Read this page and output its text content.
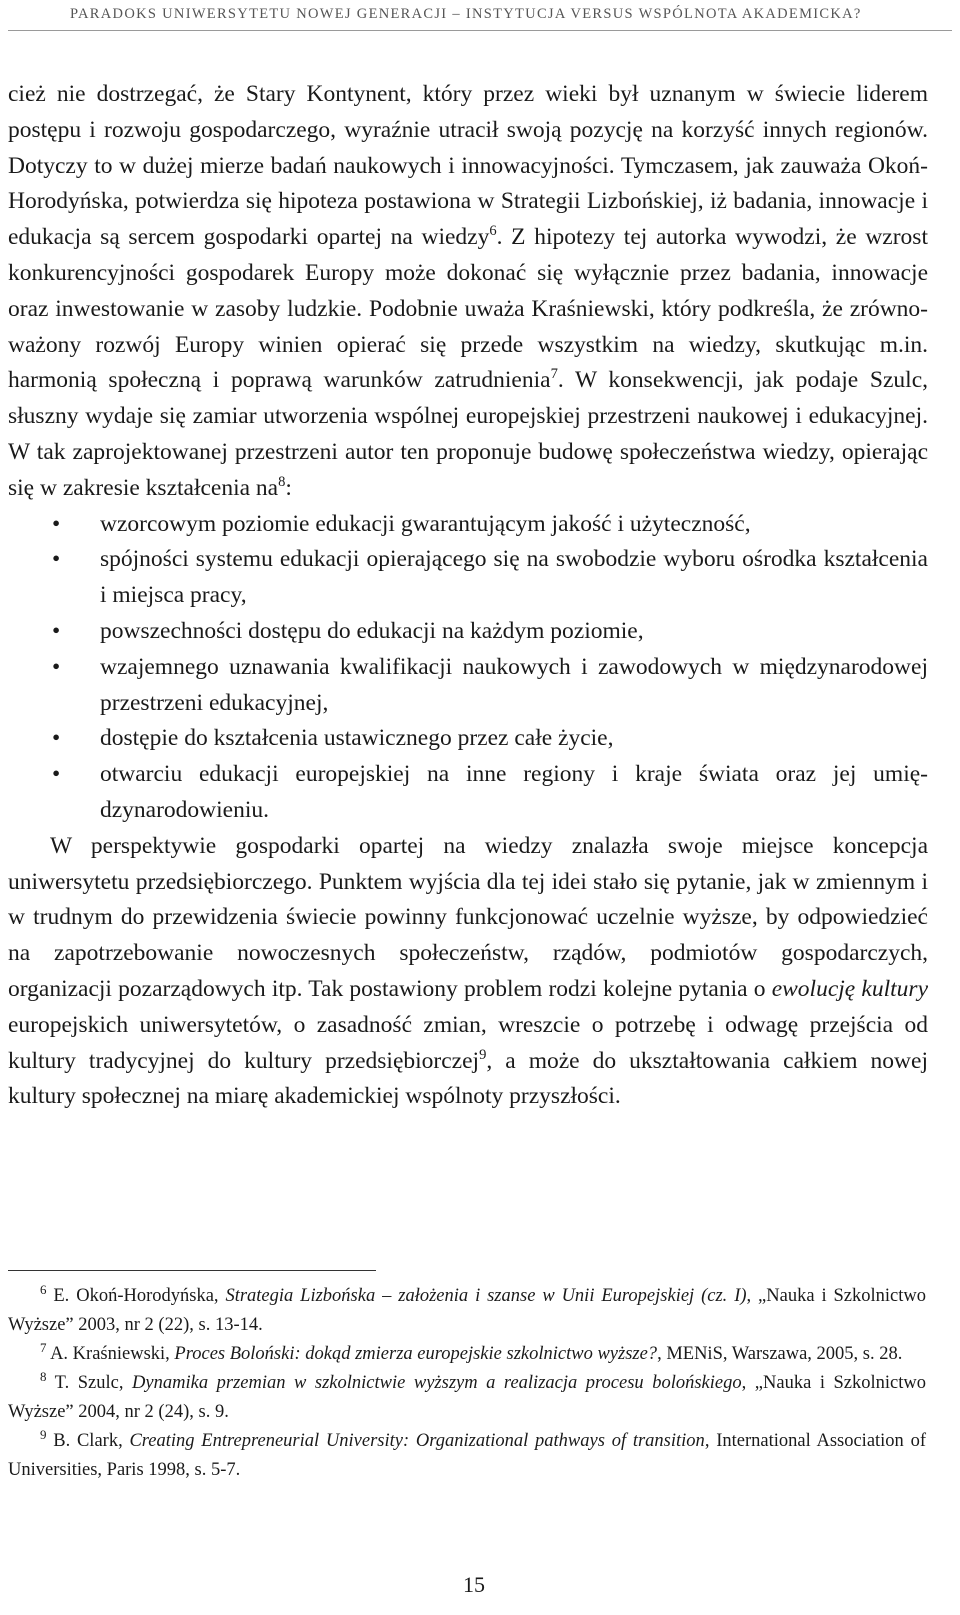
PARADOKS UNIWERSYTETU NOWEJ GENERACJI – INSTYTUCJA VERSUS WSPÓLNOTA AKADEMICKA?

cież nie dostrzegać, że Stary Kontynent, który przez wieki był uznanym w świecie liderem postępu i rozwoju gospodarczego, wyraźnie utracił swoją pozycję na korzyść innych regionów. Dotyczy to w dużej mierze badań naukowych i innowacyjności. Tymczasem, jak zauważa Okoń-Horodyńska, potwierdza się hipoteza postawiona w Strategii Lizbońskiej, iż badania, innowacje i edukacja są sercem gospodarki opartej na wiedzy$^6$. Z hipotezy tej autorka wywodzi, że wzrost konkurencyjności gospodarek Europy może dokonać się wyłącznie przez badania, innowacje oraz inwestowanie w zasoby ludzkie. Podobnie uważa Kraśniewski, który podkreśla, że zrównoważony rozwój Europy winien opierać się przede wszystkim na wiedzy, skutkując m.in. harmonią społeczną i poprawą warunków zatrudnienia$^7$. W konsekwencji, jak podaje Szulc, słuszny wydaje się zamiar utworzenia wspólnej europejskiej przestrzeni naukowej i edukacyjnej. W tak zaprojektowanej przestrzeni autor ten proponuje budowę społeczeństwa wiedzy, opierając się w zakresie kształcenia $na^8$:

• wzorcowym poziomie edukacji gwarantującym jakość i użyteczność,
• spójności systemu edukacji opierającego się na swobodzie wyboru ośrodka kształcenia i miejsca pracy,
• powszechności dostępu do edukacji na każdym poziomie,
• wzajemnego uznawania kwalifikacji naukowych i zawodowych w międzynarodowej przestrzeni edukacyjnej,
• dostępie do kształcenia ustawicznego przez całe życie,
• otwarciu edukacji europejskiej na inne regiony i kraje świata oraz jej umiędzynarodowieniu.

W perspektywie gospodarki opartej na wiedzy znalazła swoje miejsce koncepcja uniwersytetu przedsiębiorczego. Punktem wyjścia dla tej idei stało się pytanie, jak w zmiennym i w trudnym do przewidzenia świecie powinny funkcjonować uczelnie wyższe, by odpowiedzieć na zapotrzebowanie nowoczesnych społeczeństw, rządów, podmiotów gospodarczych, organizacji pozarządowych itp. Tak postawiony problem rodzi kolejne pytania o ewolucję kultury europejskich uniwersytetów, o zasadność zmian, wreszcie o potrzebę i odwagę przejścia od kultury tradycyjnej do kultury przedsiębiorczej$^9$, a może do ukształtowania całkiem nowej kultury społecznej na miarę akademickiej wspólnoty przyszłości.

$^6$ E. Okoń-Horodyńska, Strategia Lizbońska – założenia i szanse w Unii Europejskiej (cz. I), „Nauka i Szkolnictwo Wyższe” 2003, nr 2 (22), s. 13-14.

$^7$ A. Kraśniewski, Proces Boloński: dokąd zmierza europejskie szkolnictwo wyższe?, MENiS, Warszawa, 2005, s. 28.

$^8$ T. Szulc, Dynamika przemian w szkolnictwie wyższym a realizacja procesu bolońskiego, „Nauka i Szkolnictwo Wyższe” 2004, nr 2 (24), s. 9.

$^9$ B. Clark, Creating Entrepreneurial University: Organizational pathways of transition, International Association of Universities, Paris 1998, s. 5-7.

15
